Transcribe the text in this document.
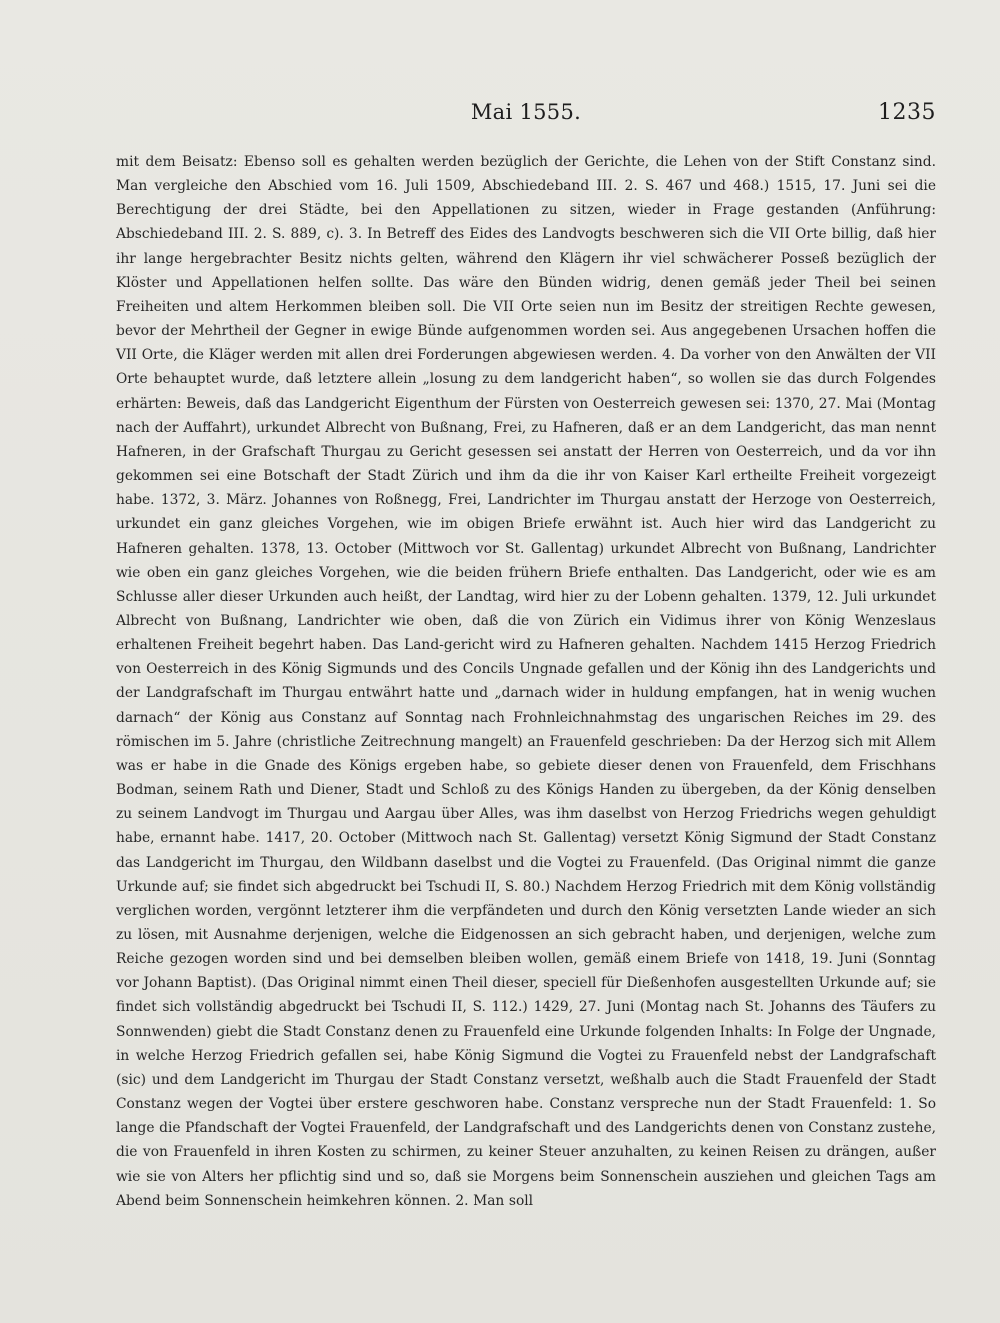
Mai 1555.	1235

mit dem Beisatz: Ebenso soll es gehalten werden bezüglich der Gerichte, die Lehen von der Stift Constanz sind. Man vergleiche den Abschied vom 16. Juli 1509, Abschiedeband III. 2. S. 467 und 468.) 1515, 17. Juni sei die Berechtigung der drei Städte, bei den Appellationen zu sitzen, wieder in Frage gestanden (Anführung: Abschiedeband III. 2. S. 889, c). 3. In Betreff des Eides des Landvogts beschweren sich die VII Orte billig, daß hier ihr lange hergebrachter Besitz nichts gelten, während den Klägern ihr viel schwächerer Posseß bezüglich der Klöster und Appellationen helfen sollte. Das wäre den Bünden widrig, denen gemäß jeder Theil bei seinen Freiheiten und altem Herkommen bleiben soll. Die VII Orte seien nun im Besitz der streitigen Rechte gewesen, bevor der Mehrtheil der Gegner in ewige Bünde aufgenommen worden sei. Aus angegebenen Ursachen hoffen die VII Orte, die Kläger werden mit allen drei Forderungen abgewiesen werden. 4. Da vorher von den Anwälten der VII Orte behauptet wurde, daß letztere allein „losung zu dem landgericht haben“, so wollen sie das durch Folgendes erhärten: Beweis, daß das Landgericht Eigenthum der Fürsten von Oesterreich gewesen sei: 1370, 27. Mai (Montag nach der Auffahrt), urkundet Albrecht von Bußnang, Frei, zu Hafneren, daß er an dem Landgericht, das man nennt Hafneren, in der Grafschaft Thurgau zu Gericht gesessen sei anstatt der Herren von Oesterreich, und da vor ihn gekommen sei eine Botschaft der Stadt Zürich und ihm da die ihr von Kaiser Karl ertheilte Freiheit vorgezeigt habe. 1372, 3. März. Johannes von Roßnegg, Frei, Landrichter im Thurgau anstatt der Herzoge von Oesterreich, urkundet ein ganz gleiches Vorgehen, wie im obigen Briefe erwähnt ist. Auch hier wird das Landgericht zu Hafneren gehalten. 1378, 13. October (Mittwoch vor St. Gallentag) urkundet Albrecht von Bußnang, Landrichter wie oben ein ganz gleiches Vorgehen, wie die beiden frühern Briefe enthalten. Das Landgericht, oder wie es am Schlusse aller dieser Urkunden auch heißt, der Landtag, wird hier zu der Lobenn gehalten. 1379, 12. Juli urkundet Albrecht von Bußnang, Landrichter wie oben, daß die von Zürich ein Vidimus ihrer von König Wenzeslaus erhaltenen Freiheit begehrt haben. Das Land-gericht wird zu Hafneren gehalten. Nachdem 1415 Herzog Friedrich von Oesterreich in des König Sigmunds und des Concils Ungnade gefallen und der König ihn des Landgerichts und der Landgrafschaft im Thurgau entwährt hatte und „darnach wider in huldung empfangen, hat in wenig wuchen darnach“ der König aus Constanz auf Sonntag nach Frohnleichnahmstag des ungarischen Reiches im 29. des römischen im 5. Jahre (christliche Zeitrechnung mangelt) an Frauenfeld geschrieben: Da der Herzog sich mit Allem was er habe in die Gnade des Königs ergeben habe, so gebiete dieser denen von Frauenfeld, dem Frischhans Bodman, seinem Rath und Diener, Stadt und Schloß zu des Königs Handen zu übergeben, da der König denselben zu seinem Landvogt im Thurgau und Aargau über Alles, was ihm daselbst von Herzog Friedrichs wegen gehuldigt habe, ernannt habe. 1417, 20. October (Mittwoch nach St. Gallentag) versetzt König Sigmund der Stadt Constanz das Landgericht im Thurgau, den Wildbann daselbst und die Vogtei zu Frauenfeld. (Das Original nimmt die ganze Urkunde auf; sie findet sich abgedruckt bei Tschudi II, S. 80.) Nachdem Herzog Friedrich mit dem König vollständig verglichen worden, vergönnt letzterer ihm die verpfändeten und durch den König versetzten Lande wieder an sich zu lösen, mit Ausnahme derjenigen, welche die Eidgenossen an sich gebracht haben, und derjenigen, welche zum Reiche gezogen worden sind und bei demselben bleiben wollen, gemäß einem Briefe von 1418, 19. Juni (Sonntag vor Johann Baptist). (Das Original nimmt einen Theil dieser, speciell für Dießenhofen ausgestellten Urkunde auf; sie findet sich vollständig abgedruckt bei Tschudi II, S. 112.) 1429, 27. Juni (Montag nach St. Johanns des Täufers zu Sonnwenden) giebt die Stadt Constanz denen zu Frauenfeld eine Urkunde folgenden Inhalts: In Folge der Ungnade, in welche Herzog Friedrich gefallen sei, habe König Sigmund die Vogtei zu Frauenfeld nebst der Landgrafschaft (sic) und dem Landgericht im Thurgau der Stadt Constanz versetzt, weßhalb auch die Stadt Frauenfeld der Stadt Constanz wegen der Vogtei über erstere geschworen habe. Constanz verspreche nun der Stadt Frauenfeld: 1. So lange die Pfandschaft der Vogtei Frauenfeld, der Landgrafschaft und des Landgerichts denen von Constanz zustehe, die von Frauenfeld in ihren Kosten zu schirmen, zu keiner Steuer anzuhalten, zu keinen Reisen zu drängen, außer wie sie von Alters her pflichtig sind und so, daß sie Morgens beim Sonnenschein ausziehen und gleichen Tags am Abend beim Sonnenschein heimkehren können. 2. Man soll
